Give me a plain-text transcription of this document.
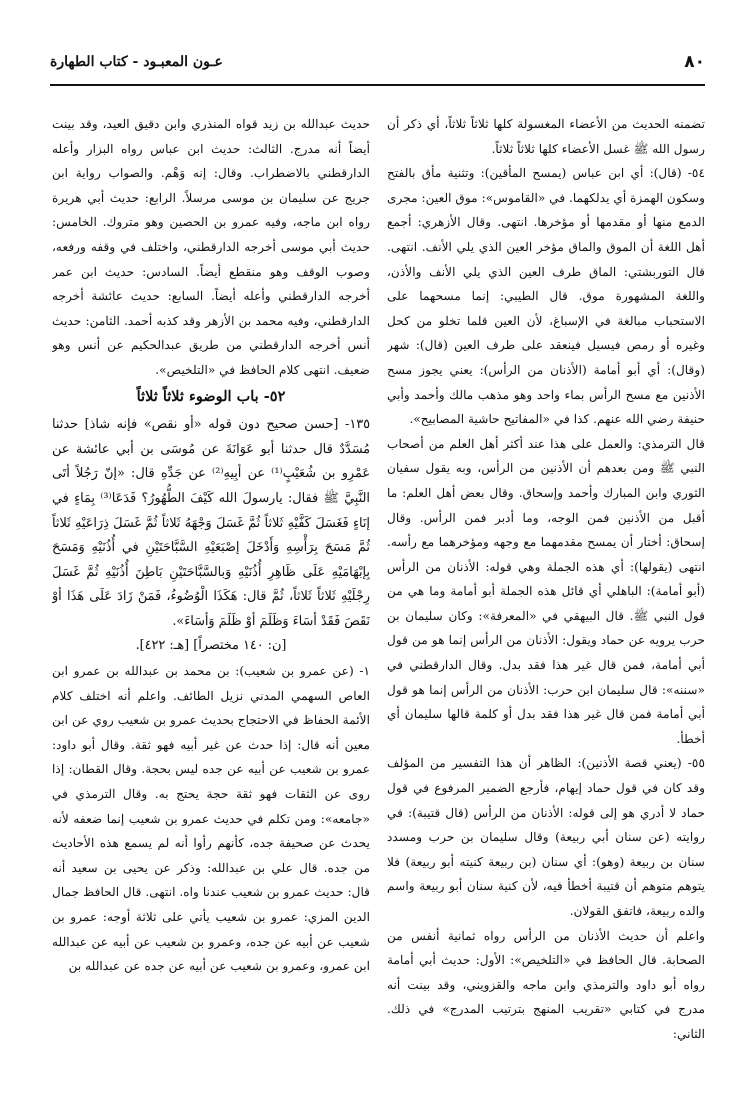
٨٠
عـون المعبـود - كتاب الطهارة

تضمنه الحديث من الأعضاء المغسولة كلها ثلاثاً ثلاثاً، أي ذكر أن رسول الله ﷺ غسل الأعضاء كلها ثلاثاً ثلاثاً.

٥٤- (قال): أي ابن عباس (يمسح المأقين): وتثنية مأق بالفتح وسكون الهمزة أي يدلكهما. في «القاموس»: موق العين: مجرى الدمع منها أو مقدمها أو مؤخرها. انتهى. وقال الأزهري: أجمع أهل اللغة أن الموق والماق مؤخر العين الذي يلي الأنف. انتهى. قال التوربشتي: الماق طرف العين الذي يلي الأنف والأذن، واللغة المشهورة موق. قال الطيبي: إنما مسحهما على الاستحباب مبالغة في الإسباغ، لأن العين قلما تخلو من كحل وغيره أو رمص فيسيل فينعقد على طرف العين (قال): شهر (وقال): أي أبو أمامة (الأذنان من الرأس): يعني يجوز مسح الأذنين مع مسح الرأس بماء واحد وهو مذهب مالك وأحمد وأبي حنيفة رضي الله عنهم. كذا في «المفاتيح حاشية المصابيح».

قال الترمذي: والعمل على هذا عند أكثر أهل العلم من أصحاب النبي ﷺ ومن بعدهم أن الأذنين من الرأس، وبه يقول سفيان الثوري وابن المبارك وأحمد وإسحاق. وقال بعض أهل العلم: ما أقبل من الأذنين فمن الوجه، وما أدبر فمن الرأس. وقال إسحاق: أختار أن يمسح مقدمهما مع وجهه ومؤخرهما مع رأسه. انتهى (يقولها): أي هذه الجملة وهي قوله: الأذنان من الرأس (أبو أمامة): الباهلي أي قائل هذه الجملة أبو أمامة وما هي من قول النبي ﷺ. قال البيهقي في «المعرفة»: وكان سليمان بن حرب يرويه عن حماد ويقول: الأذنان من الرأس إنما هو من قول أبي أمامة، فمن قال غير هذا فقد بدل. وقال الدارقطني في «سننه»: قال سليمان ابن حرب: الأذنان من الرأس إنما هو قول أبي أمامة فمن قال غير هذا فقد بدل أو كلمة قالها سليمان أي أخطأ.

٥٥- (يعني قصة الأذنين): الظاهر أن هذا التفسير من المؤلف وقد كان في قول حماد إيهام، فأرجع الضمير المرفوع في قول حماد لا أدري هو إلى قوله: الأذنان من الرأس (قال قتيبة): في روايته (عن سنان أبي ربيعة) وقال سليمان بن حرب ومسدد سنان بن ربيعة (وهو): أي سنان (بن ربيعة كنيته أبو ربيعة) فلا يتوهم متوهم أن قتيبة أخطأ فيه، لأن كنية سنان أبو ربيعة واسم والده ربيعة، فاتفق القولان.

واعلم أن حديث الأذنان من الرأس رواه ثمانية أنفس من الصحابة. قال الحافظ في «التلخيص»: الأول: حديث أبي أمامة رواه أبو داود والترمذي وابن ماجه والقزويني، وقد بينت أنه مدرج في كتابي «تقريب المنهج بترتيب المدرج» في ذلك. الثاني:

حديث عبدالله بن زيد قواه المنذري وابن دقيق العيد، وقد بينت أيضاً أنه مدرج. الثالث: حديث ابن عباس رواه البزار وأعله الدارقطني بالاضطراب. وقال: إنه وَهْم. والصواب رواية ابن جريج عن سليمان بن موسى مرسلاً. الرابع: حديث أبي هريرة رواه ابن ماجه، وفيه عمرو بن الحصين وهو متروك. الخامس: حديث أبي موسى أخرجه الدارقطني، واختلف في وقفه ورفعه، وصوب الوقف وهو منقطع أيضاً. السادس: حديث ابن عمر أخرجه الدارقطني وأعله أيضاً. السابع: حديث عائشة أخرجه الدارقطني، وفيه محمد بن الأزهر وقد كذبه أحمد. الثامن: حديث أنس أخرجه الدارقطني من طريق عبدالحكيم عن أنس وهو ضعيف. انتهى كلام الحافظ في «التلخيص».

٥٢- باب الوضوء ثلاثاً ثلاثاً

١٣٥- [حسن صحيح دون قوله «أو نقص» فإنه شاذ] حدثنا مُسَدَّدٌ قال حدثنا أبو عَوَانَةَ عن مُوسَى بن أبي عائشة عن عَمْرِو بن شُعَيْبٍ⁽¹⁾ عن أبِيهِ⁽²⁾ عن جَدِّهِ قال: «إنّ رَجُلاً أتَى النَّبِيَّ ﷺ فقال: يارسولَ الله كَيْفَ الطُّهُورُ؟ فَدَعَا⁽³⁾ بِمَاءٍ في إنَاءٍ فَغَسَلَ كَفَّيْهِ ثَلاثاً ثُمَّ غَسَلَ وَجْهَهُ ثَلاثاً ثُمَّ غَسَلَ ذِرَاعَيْهِ ثَلاثاً ثُمَّ مَسَحَ بِرَأْسِهِ وَأَدْخَلَ إصْبَعَيْهِ السَّبَّاحَتَيْنِ في أُذُنَيْهِ وَمَسَحَ بِإبْهَامَيْهِ عَلَى ظَاهِرِ أُذُنَيْهِ وَبالسَّبَّاحَتَيْنِ بَاطِنَ أُذُنَيْهِ ثُمَّ غَسَلَ رِجْلَيْهِ ثَلاثاً ثَلاثاً، ثُمَّ قال: هَكَذَا الْوُضُوءُ، فَمَنْ زَادَ عَلَى هَذَا أوْ نَقَصَ فَقَدْ أسَاءَ وَظَلَمَ أوْ ظَلَمَ وَأسَاءَ».

[ن: ١٤٠ مختصراً] [هـ: ٤٢٢].

١- (عن عمرو بن شعيب): بن محمد بن عبدالله بن عمرو ابن العاص السهمي المدني نزيل الطائف. واعلم أنه اختلف كلام الأئمة الحفاظ في الاحتجاج بحديث عمرو بن شعيب روي عن ابن معين أنه قال: إذا حدث عن غير أبيه فهو ثقة. وقال أبو داود: عمرو بن شعيب عن أبيه عن جده ليس بحجة. وقال القطان: إذا روى عن الثقات فهو ثقة حجة يحتج به. وقال الترمذي في «جامعه»: ومن تكلم في حديث عمرو بن شعيب إنما ضعفه لأنه يحدث عن صحيفة جده، كأنهم رأوا أنه لم يسمع هذه الأحاديث من جده. قال علي بن عبدالله: وذكر عن يحيى بن سعيد أنه قال: حديث عمرو بن شعيب عندنا واه. انتهى. قال الحافظ جمال الدين المزي: عمرو بن شعيب يأتي على ثلاثة أوجه: عمرو بن شعيب عن أبيه عن جده، وعمرو بن شعيب عن أبيه عن عبدالله ابن عمرو، وعمرو بن شعيب عن أبيه عن جده عن عبدالله بن
